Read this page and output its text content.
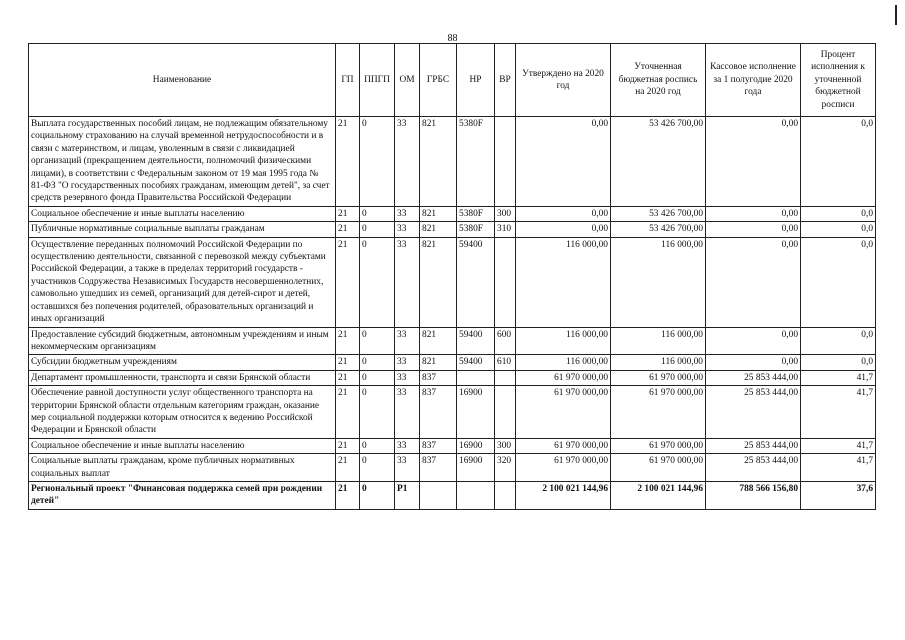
88
Наименование	ГП	ППГП	ОМ	ГРБС	НР	ВР	Утверждено на 2020 год	Уточненная бюджетная роспись на 2020 год	Кассовое исполнение за 1 полугодие 2020 года	Процент исполнения к уточненной бюджетной росписи
Выплата государственных пособий лицам, не подлежащим обязательному социальному страхованию на случай временной нетрудоспособности и в связи с материнством, и лицам, уволенным в связи с ликвидацией организаций (прекращением деятельности, полномочий физическими лицами), в соответствии с Федеральным законом от 19 мая 1995 года № 81-ФЗ "О государственных пособиях гражданам, имеющим детей", за счет средств резервного фонда Правительства Российской Федерации	21	0	33	821	5380F		0,00	53 426 700,00	0,00	0,0
Социальное обеспечение и иные выплаты населению	21	0	33	821	5380F	300	0,00	53 426 700,00	0,00	0,0
Публичные нормативные социальные выплаты гражданам	21	0	33	821	5380F	310	0,00	53 426 700,00	0,00	0,0
Осуществление переданных полномочий Российской Федерации по осуществлению деятельности, связанной с перевозкой между субъектами Российской Федерации, а также в пределах территорий государств - участников Содружества Независимых Государств несовершеннолетних, самовольно ушедших из семей, организаций для детей-сирот и детей, оставшихся без попечения родителей, образовательных организаций и иных организаций	21	0	33	821	59400		116 000,00	116 000,00	0,00	0,0
Предоставление субсидий бюджетным, автономным учреждениям и иным некоммерческим организациям	21	0	33	821	59400	600	116 000,00	116 000,00	0,00	0,0
Субсидии бюджетным учреждениям	21	0	33	821	59400	610	116 000,00	116 000,00	0,00	0,0
Департамент промышленности, транспорта и связи Брянской области	21	0	33	837			61 970 000,00	61 970 000,00	25 853 444,00	41,7
Обеспечение равной доступности услуг общественного транспорта на территории Брянской области отдельным категориям граждан, оказание мер социальной поддержки которым относится к ведению Российской Федерации и Брянской области	21	0	33	837	16900		61 970 000,00	61 970 000,00	25 853 444,00	41,7
Социальное обеспечение и иные выплаты населению	21	0	33	837	16900	300	61 970 000,00	61 970 000,00	25 853 444,00	41,7
Социальные выплаты гражданам, кроме публичных нормативных социальных выплат	21	0	33	837	16900	320	61 970 000,00	61 970 000,00	25 853 444,00	41,7
Региональный проект "Финансовая поддержка семей при рождении детей"	21	0	Р1				2 100 021 144,96	2 100 021 144,96	788 566 156,80	37,6
